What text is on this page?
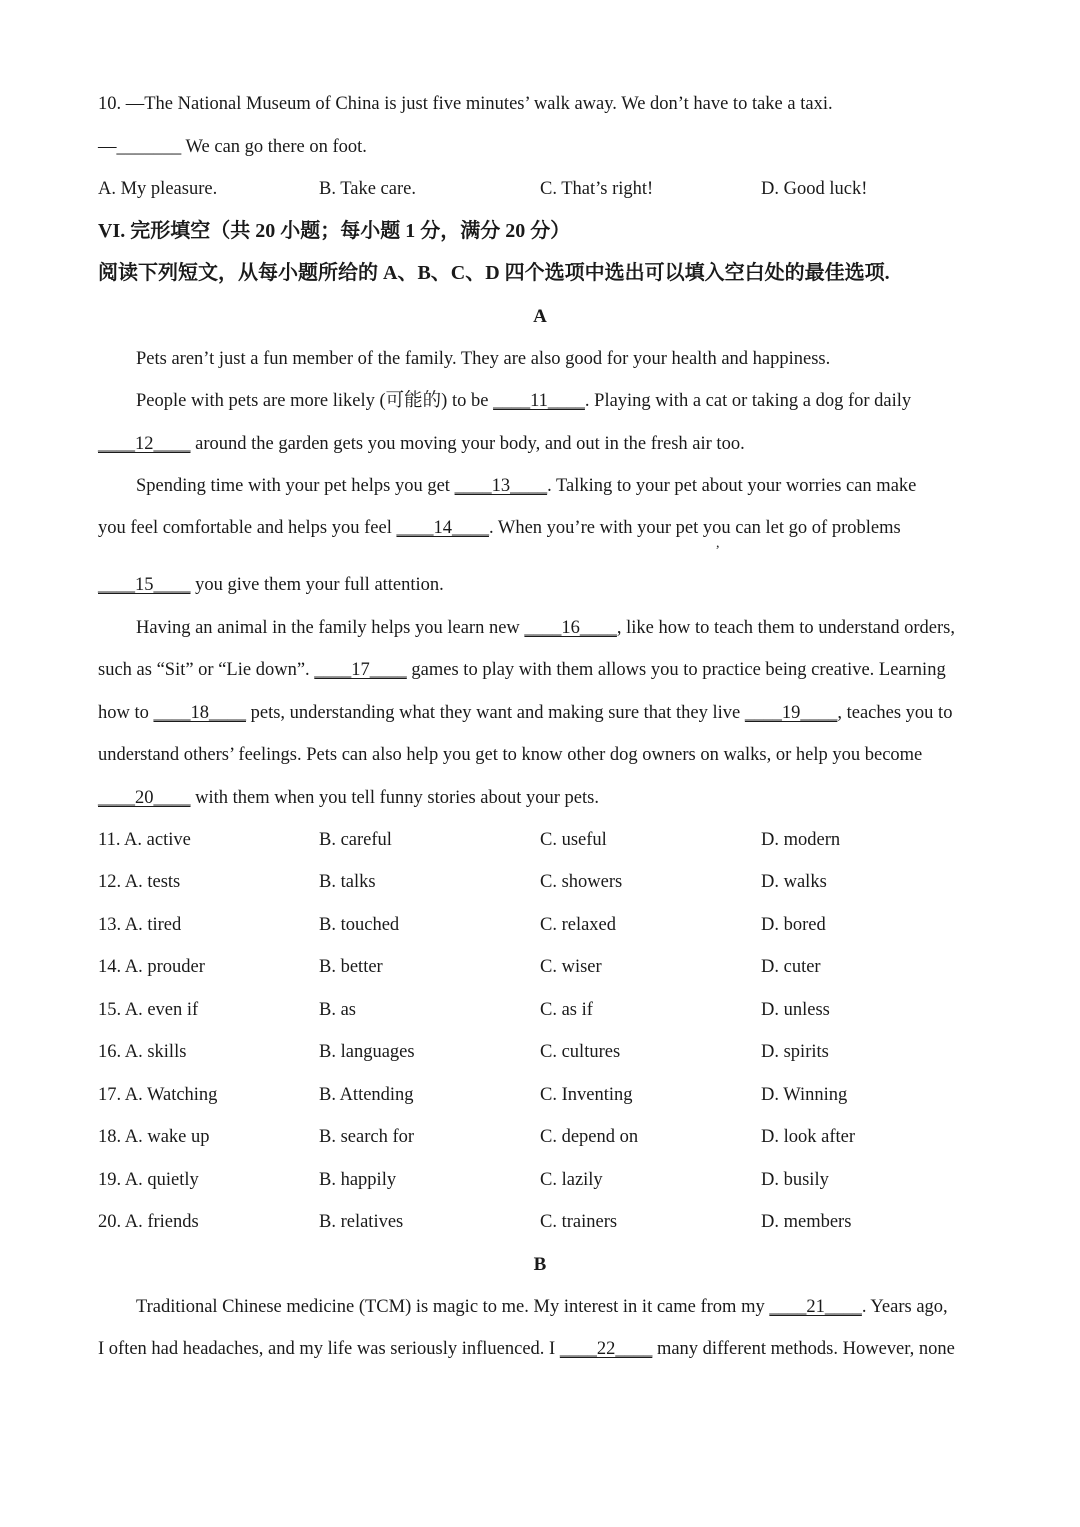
10. —The National Museum of China is just five minutes’ walk away. We don’t have to take a taxi.
—_______ We can go there on foot.
A. My pleasure.	B. Take care.	C. That’s right!	D. Good luck!
VI. 完形填空（共 20 小题；每小题 1 分，满分 20 分）
阅读下列短文，从每小题所给的 A、B、C、D 四个选项中选出可以填入空白处的最佳选项.
A
Pets aren’t just a fun member of the family. They are also good for your health and happiness.
People with pets are more likely (可能的) to be ____11____. Playing with a cat or taking a dog for daily
____12____ around the garden gets you moving your body, and out in the fresh air too.
Spending time with your pet helps you get ____13____. Talking to your pet about your worries can make
you feel comfortable and helps you feel ____14____. When you’re with your pet you can let go of problems
,
____15____ you give them your full attention.
Having an animal in the family helps you learn new ____16____, like how to teach them to understand orders,
such as “Sit” or “Lie down”. ____17____ games to play with them allows you to practice being creative. Learning
how to ____18____ pets, understanding what they want and making sure that they live ____19____, teaches you to
understand others’ feelings. Pets can also help you get to know other dog owners on walks, or help you become
____20____ with them when you tell funny stories about your pets.
11. A. active	B. careful	C. useful	D. modern
12. A. tests	B. talks	C. showers	D. walks
13. A. tired	B. touched	C. relaxed	D. bored
14. A. prouder	B. better	C. wiser	D. cuter
15. A. even if	B. as	C. as if	D. unless
16. A. skills	B. languages	C. cultures	D. spirits
17. A. Watching	B. Attending	C. Inventing	D. Winning
18. A. wake up	B. search for	C. depend on	D. look after
19. A. quietly	B. happily	C. lazily	D. busily
20. A. friends	B. relatives	C. trainers	D. members
B
Traditional Chinese medicine (TCM) is magic to me. My interest in it came from my ____21____. Years ago,
I often had headaches, and my life was seriously influenced. I ____22____ many different methods. However, none
